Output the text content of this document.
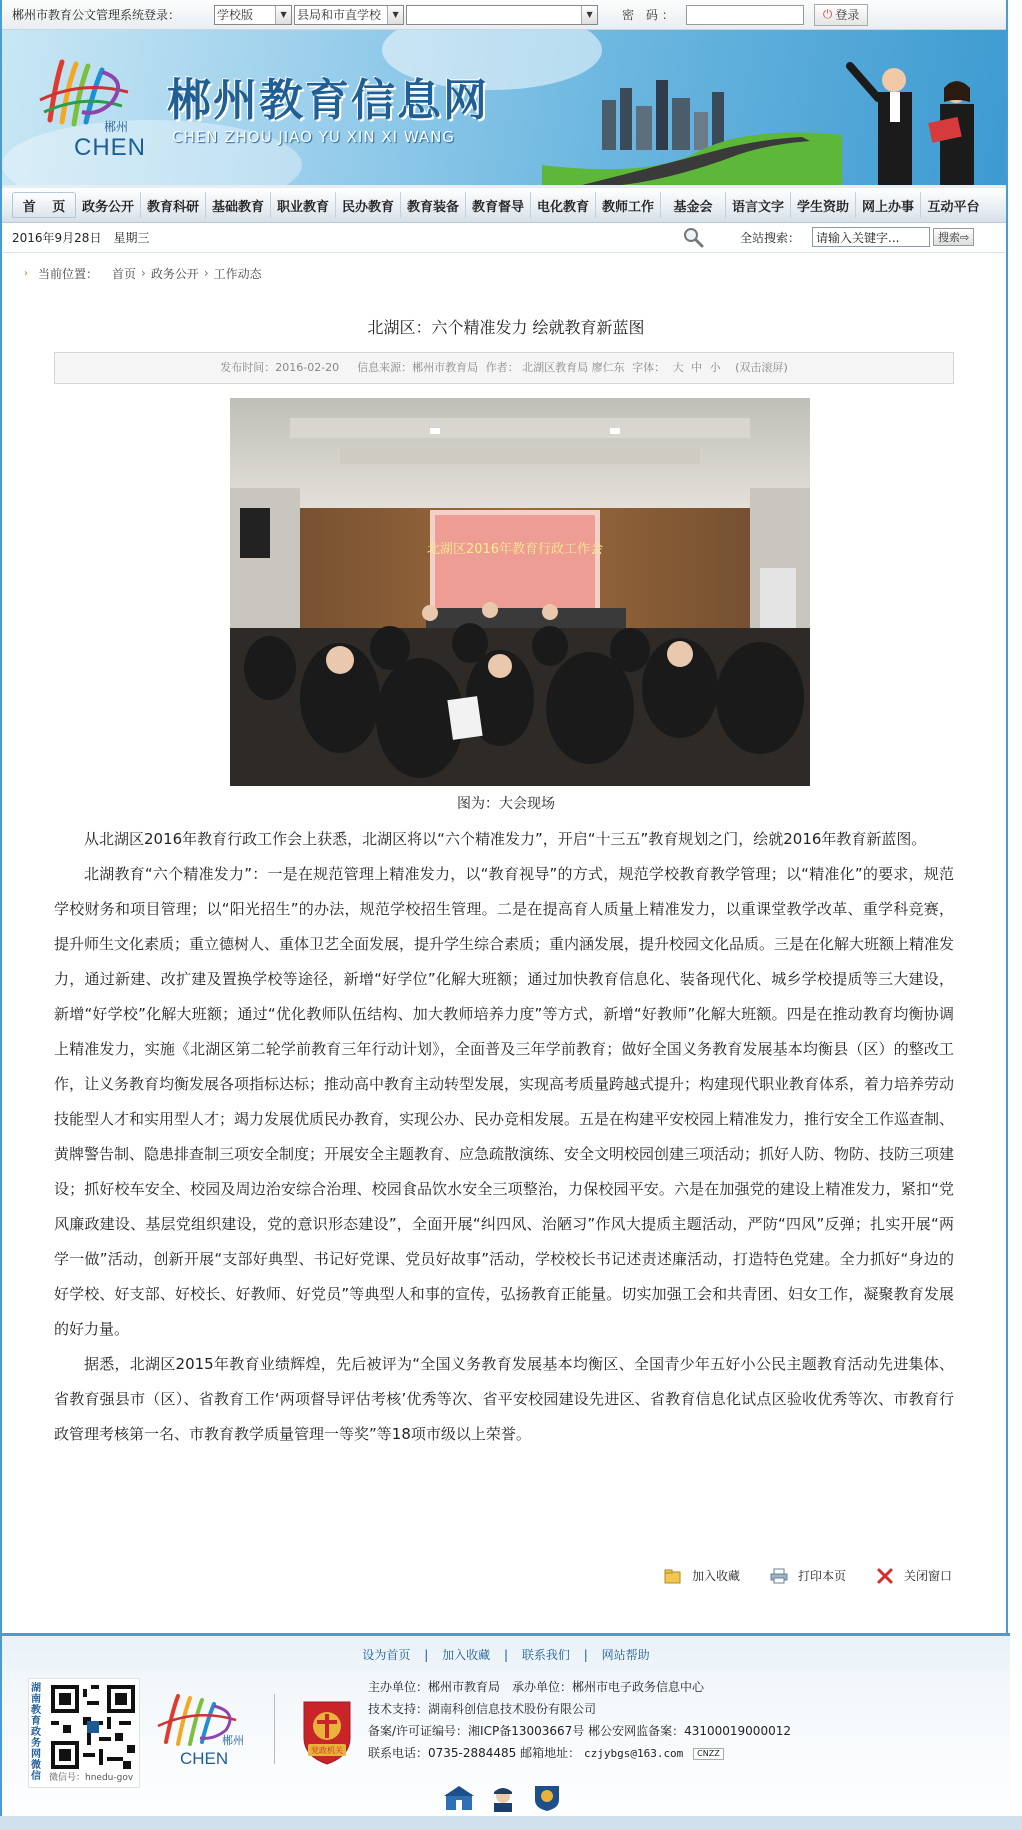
郴州市教育公文管理系统登录：	学校版	▼ 县局和市直学校	▼	▼	密 码：	⏻ 登录
郴州
CHEN
郴州教育信息网
CHEN ZHOU JIAO YU XIN XI WANG
首 页 政务公开 教育科研 基础教育 职业教育 民办教育 教育装备 教育督导 电化教育 教师工作	基金会	语言文字 学生资助 网上办事	互动平台
2016年9月28日 星期三	全站搜索：	请输入关键字...	搜索 ⇨
› 当前位置： 首页 › 政务公开 › 工作动态
北湖区：六个精准发力 绘就教育新蓝图
发布时间：2016-02-20 信息来源：郴州市教育局 作者： 北湖区教育局 廖仁东 字体： 大 中 小 (双击滚屏)
北湖区2016年教育行政工作会
图为：大会现场

从北湖区2016年教育行政工作会上获悉，北湖区将以“六个精准发力”，开启“十三五”教育规划之门，绘就2016年教育新蓝图。

北湖教育“六个精准发力”：一是在规范管理上精准发力，以“教育视导”的方式，规范学校教育教学管理；以“精准化”的要求，规范学校财务和项目管理；以“阳光招生”的办法，规范学校招生管理。二是在提高育人质量上精准发力，以重课堂教学改革、重学科竞赛，提升师生文化素质；重立德树人、重体卫艺全面发展，提升学生综合素质；重内涵发展，提升校园文化品质。三是在化解大班额上精准发力，通过新建、改扩建及置换学校等途径，新增“好学位”化解大班额；通过加快教育信息化、装备现代化、城乡学校提质等三大建设，新增“好学校”化解大班额；通过“优化教师队伍结构、加大教师培养力度”等方式，新增“好教师”化解大班额。四是在推动教育均衡协调上精准发力，实施《北湖区第二轮学前教育三年行动计划》，全面普及三年学前教育；做好全国义务教育发展基本均衡县（区）的整改工作，让义务教育均衡发展各项指标达标；推动高中教育主动转型发展，实现高考质量跨越式提升；构建现代职业教育体系，着力培养劳动技能型人才和实用型人才；竭力发展优质民办教育，实现公办、民办竞相发展。五是在构建平安校园上精准发力，推行安全工作巡查制、黄牌警告制、隐患排查制三项安全制度；开展安全主题教育、应急疏散演练、安全文明校园创建三项活动；抓好人防、物防、技防三项建设；抓好校车安全、校园及周边治安综合治理、校园食品饮水安全三项整治，力保校园平安。六是在加强党的建设上精准发力，紧扣“党风廉政建设、基层党组织建设，党的意识形态建设”，全面开展“纠四风、治陋习”作风大提质主题活动，严防“四风”反弹；扎实开展“两学一做”活动，创新开展“支部好典型、书记好党课、党员好故事”活动，学校校长书记述责述廉活动，打造特色党建。全力抓好“身边的好学校、好支部、好校长、好教师、好党员”等典型人和事的宣传，弘扬教育正能量。切实加强工会和共青团、妇女工作，凝聚教育发展的好力量。

据悉，北湖区2015年教育业绩辉煌，先后被评为“全国义务教育发展基本均衡区、全国青少年五好小公民主题教育活动先进集体、省教育强县市（区）、省教育工作‘两项督导评估考核’优秀等次、省平安校园建设先进区、省教育信息化试点区验收优秀等次、市教育行政管理考核第一名、市教育教学质量管理一等奖”等18项市级以上荣誉。

加入收藏	打印本页	关闭窗口
设为首页 | 加入收藏 | 联系我们 | 网站帮助
湖南教育政务网微信 微信号：hnedu-gov
郴州
CHEN	党政机关
主办单位：郴州市教育局　承办单位：郴州市电子政务信息中心
技术支持：湖南科创信息技术股份有限公司
备案/许可证编号：湘ICP备13003667号 郴公安网监备案：43100019000012
联系电话：0735-2884485 邮箱地址： czjybgs@163.com CNZZ
